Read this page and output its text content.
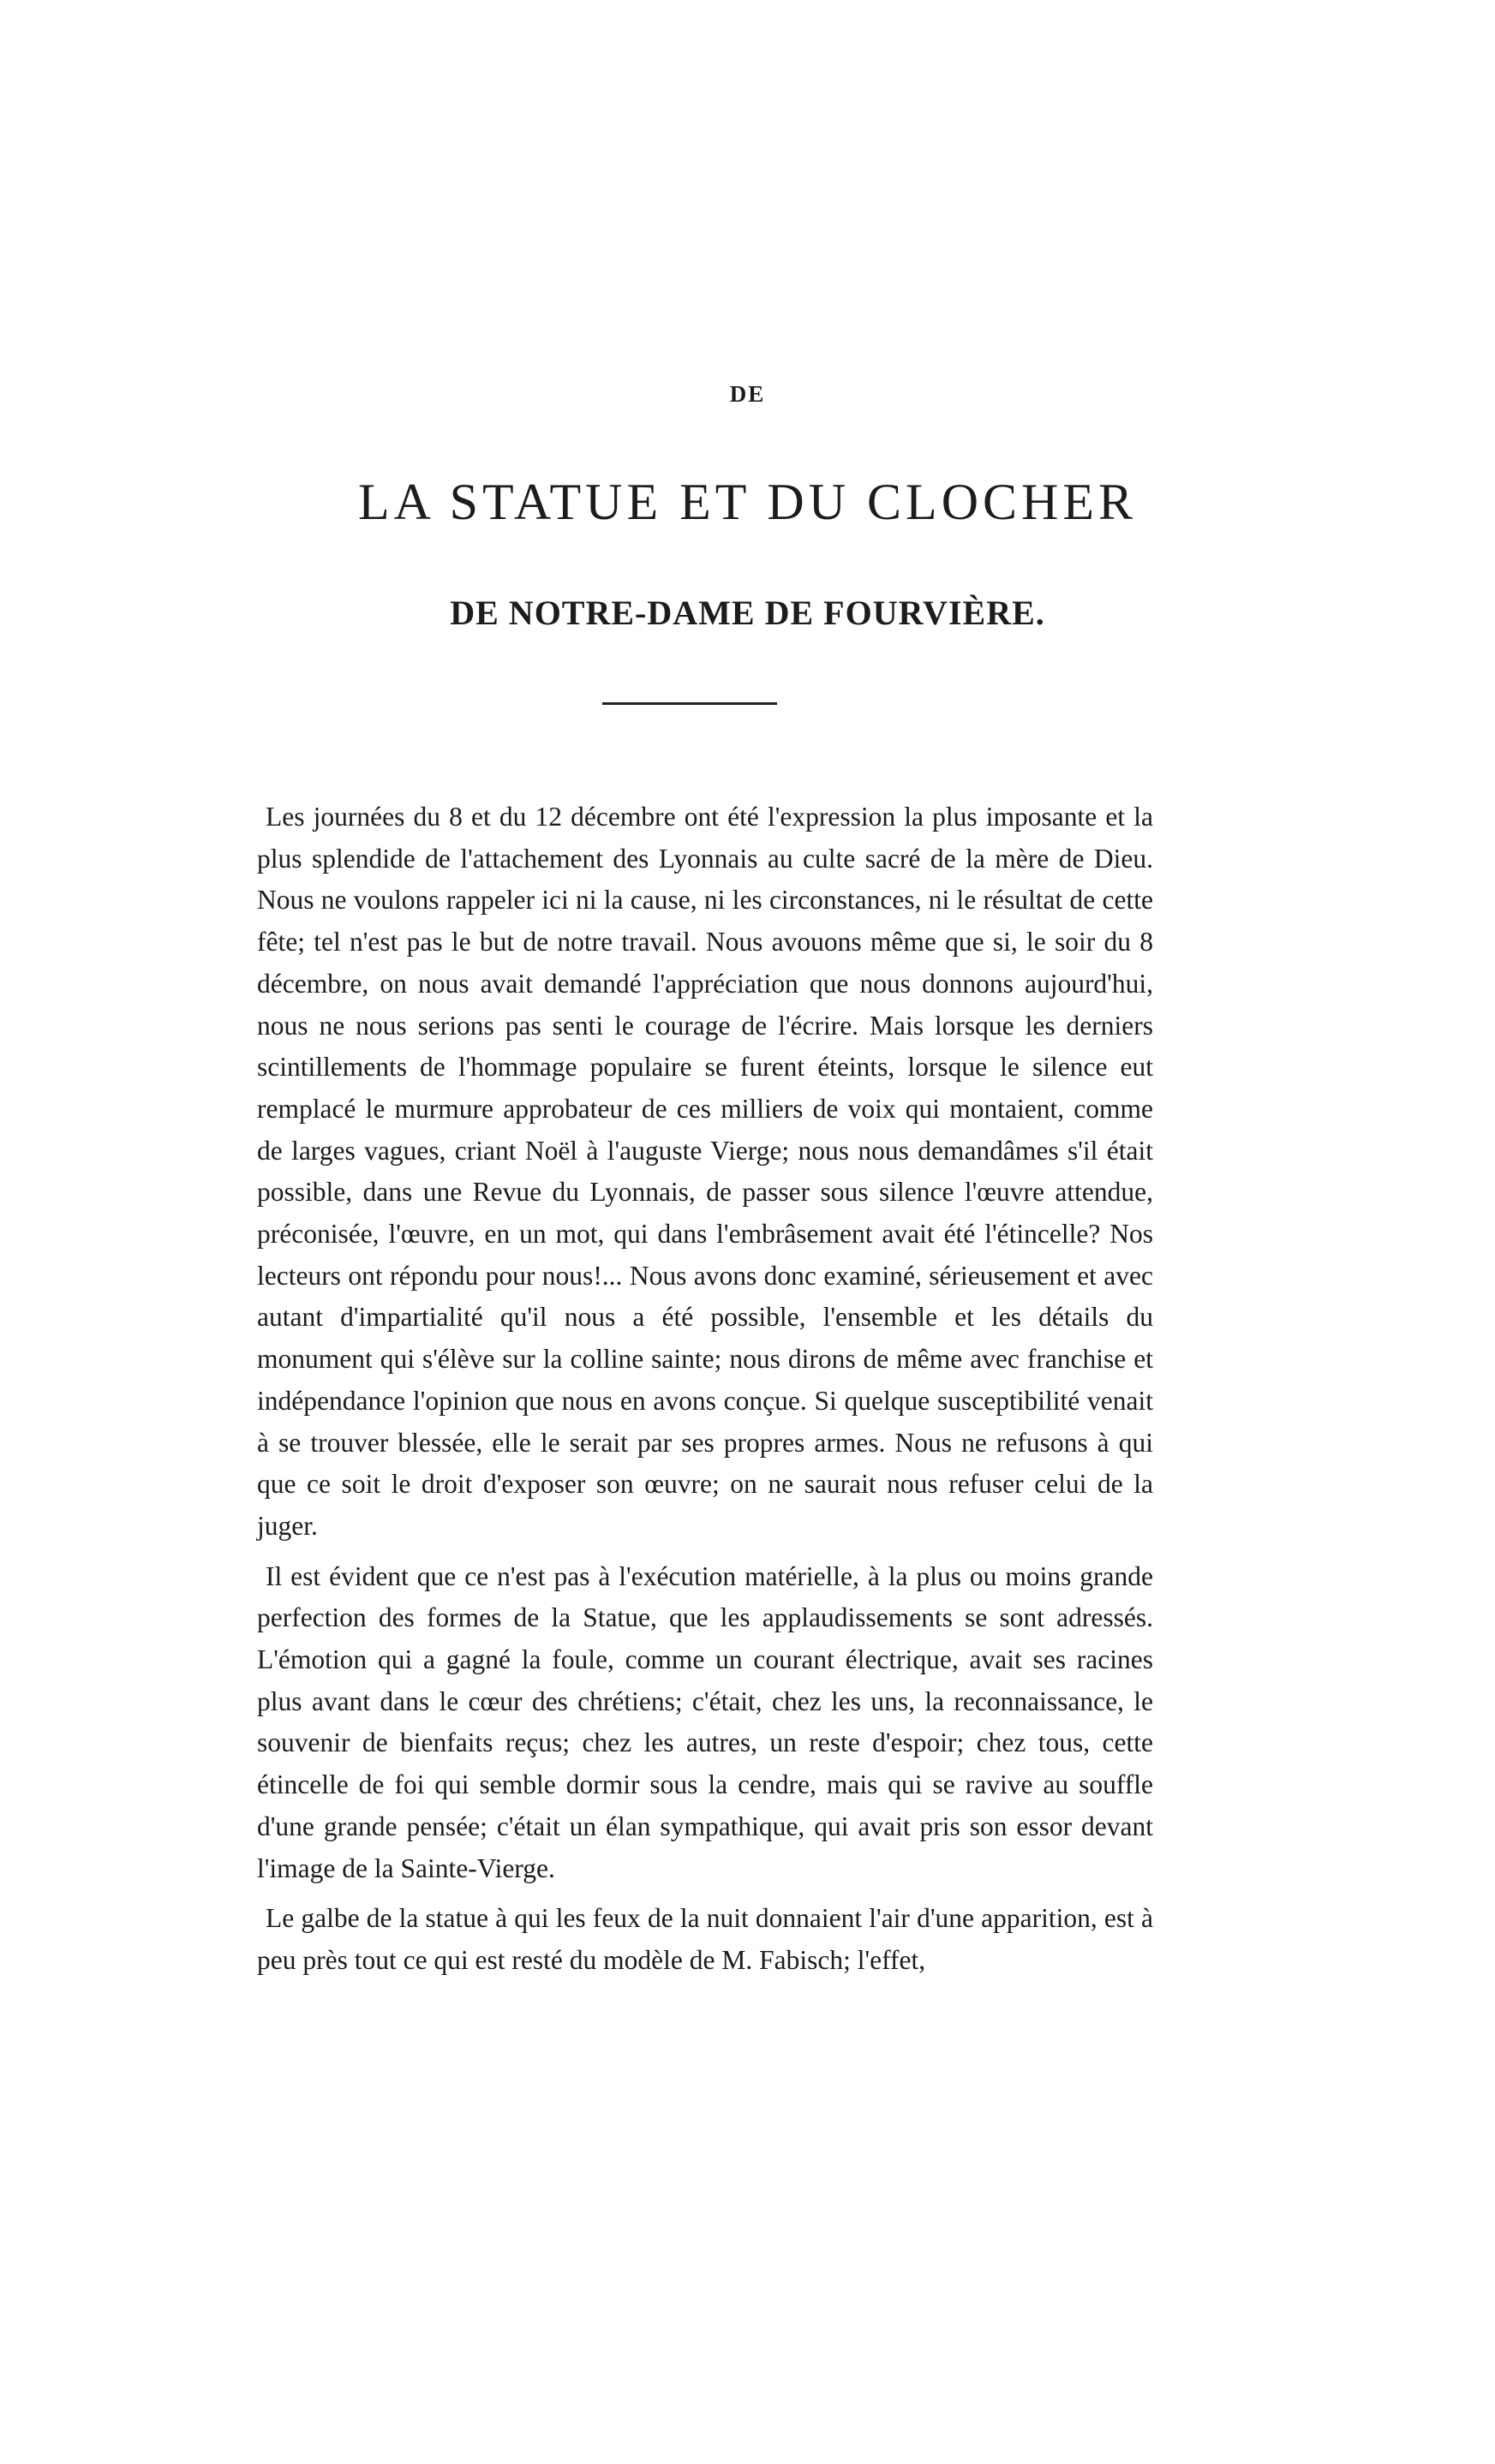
DE
LA STATUE ET DU CLOCHER
DE NOTRE-DAME DE FOURVIÈRE.

Les journées du 8 et du 12 décembre ont été l'expression la plus imposante et la plus splendide de l'attachement des Lyonnais au culte sacré de la mère de Dieu. Nous ne voulons rappeler ici ni la cause, ni les circonstances, ni le résultat de cette fête; tel n'est pas le but de notre travail. Nous avouons même que si, le soir du 8 décembre, on nous avait demandé l'appréciation que nous donnons aujourd'hui, nous ne nous serions pas senti le courage de l'écrire. Mais lorsque les derniers scintillements de l'hommage populaire se furent éteints, lorsque le silence eut remplacé le murmure approbateur de ces milliers de voix qui montaient, comme de larges vagues, criant Noël à l'auguste Vierge; nous nous demandâmes s'il était possible, dans une Revue du Lyonnais, de passer sous silence l'œuvre attendue, préconisée, l'œuvre, en un mot, qui dans l'embrâsement avait été l'étincelle? Nos lecteurs ont répondu pour nous!... Nous avons donc examiné, sérieusement et avec autant d'impartialité qu'il nous a été possible, l'ensemble et les détails du monument qui s'élève sur la colline sainte; nous dirons de même avec franchise et indépendance l'opinion que nous en avons conçue. Si quelque susceptibilité venait à se trouver blessée, elle le serait par ses propres armes. Nous ne refusons à qui que ce soit le droit d'exposer son œuvre; on ne saurait nous refuser celui de la juger.

Il est évident que ce n'est pas à l'exécution matérielle, à la plus ou moins grande perfection des formes de la Statue, que les applaudissements se sont adressés. L'émotion qui a gagné la foule, comme un courant électrique, avait ses racines plus avant dans le cœur des chrétiens; c'était, chez les uns, la reconnaissance, le souvenir de bienfaits reçus; chez les autres, un reste d'espoir; chez tous, cette étincelle de foi qui semble dormir sous la cendre, mais qui se ravive au souffle d'une grande pensée; c'était un élan sympathique, qui avait pris son essor devant l'image de la Sainte-Vierge.

Le galbe de la statue à qui les feux de la nuit donnaient l'air d'une apparition, est à peu près tout ce qui est resté du modèle de M. Fabisch; l'effet,
